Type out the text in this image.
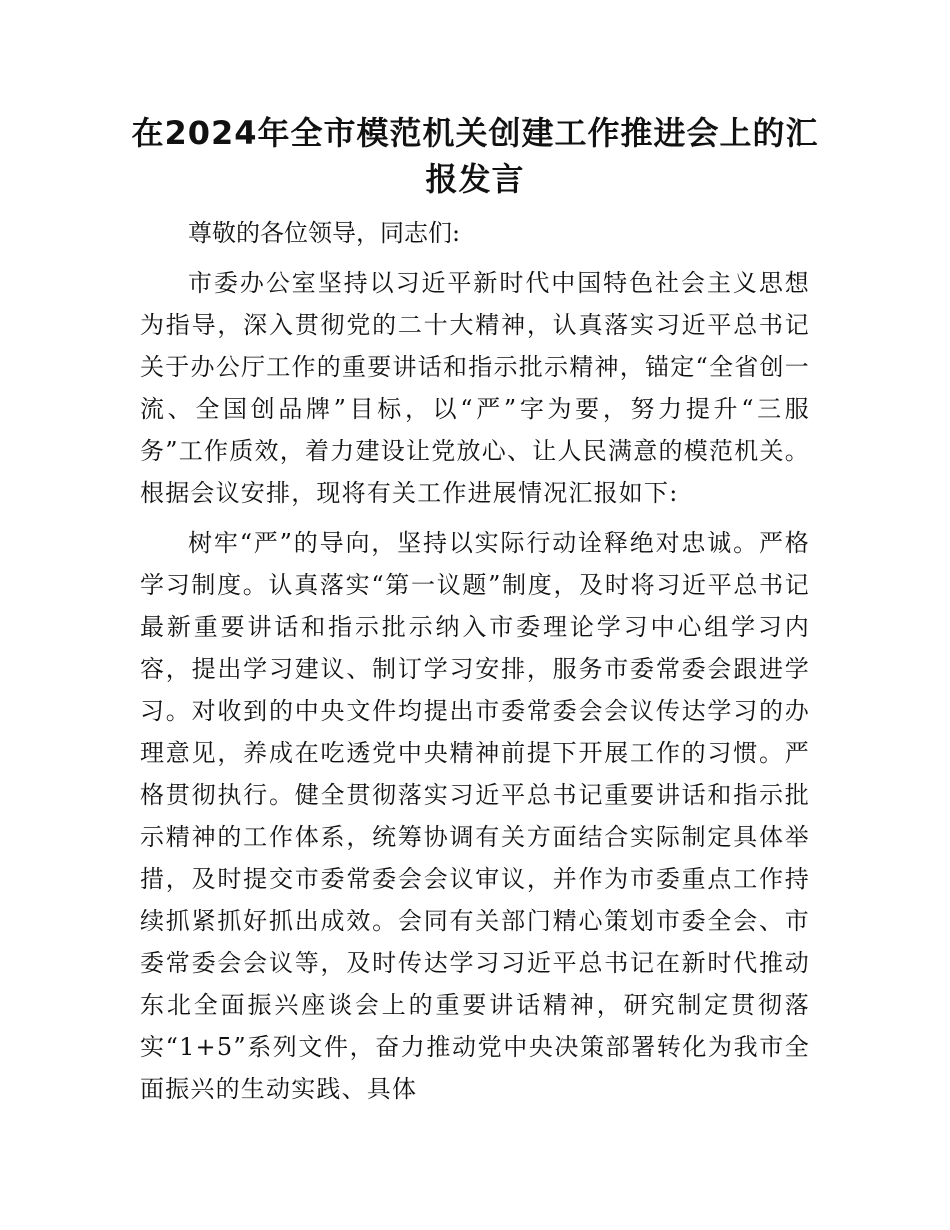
在2024年全市模范机关创建工作推进会上的汇报发言

尊敬的各位领导，同志们:

市委办公室坚持以习近平新时代中国特色社会主义思想为指导，深入贯彻党的二十大精神，认真落实习近平总书记关于办公厅工作的重要讲话和指示批示精神，锚定“全省创一流、全国创品牌”目标，以“严”字为要，努力提升“三服务”工作质效，着力建设让党放心、让人民满意的模范机关。根据会议安排，现将有关工作进展情况汇报如下:

树牢“严”的导向，坚持以实际行动诠释绝对忠诚。严格学习制度。认真落实“第一议题”制度，及时将习近平总书记最新重要讲话和指示批示纳入市委理论学习中心组学习内容，提出学习建议、制订学习安排，服务市委常委会跟进学习。对收到的中央文件均提出市委常委会会议传达学习的办理意见，养成在吃透党中央精神前提下开展工作的习惯。严格贯彻执行。健全贯彻落实习近平总书记重要讲话和指示批示精神的工作体系，统筹协调有关方面结合实际制定具体举措，及时提交市委常委会会议审议，并作为市委重点工作持续抓紧抓好抓出成效。会同有关部门精心策划市委全会、市委常委会会议等，及时传达学习习近平总书记在新时代推动东北全面振兴座谈会上的重要讲话精神，研究制定贯彻落实“1+5”系列文件，奋力推动党中央决策部署转化为我市全面振兴的生动实践、具体
